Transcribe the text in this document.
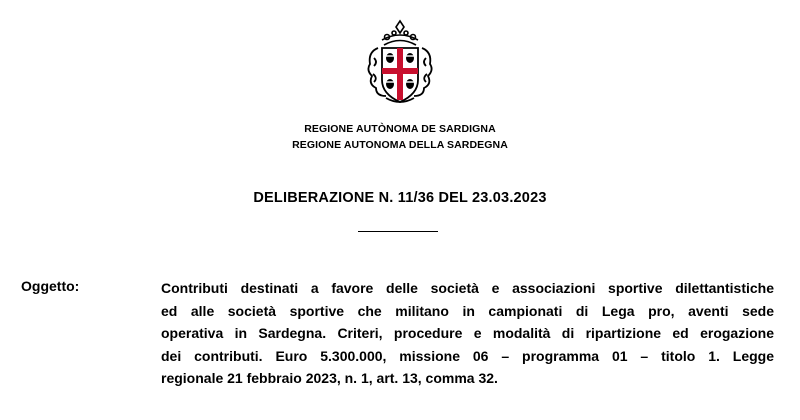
REGIONE AUTÒNOMA DE SARDIGNA
REGIONE AUTONOMA DELLA SARDEGNA
DELIBERAZIONE N. 11/36 DEL 23.03.2023
Oggetto:	Contributi destinati a favore delle società e associazioni sportive dilettantistiche
ed alle società sportive che militano in campionati di Lega pro, aventi sede
operativa in Sardegna. Criteri, procedure e modalità di ripartizione ed erogazione
dei contributi. Euro 5.300.000, missione 06 – programma 01 – titolo 1. Legge
regionale 21 febbraio 2023, n. 1, art. 13, comma 32.
